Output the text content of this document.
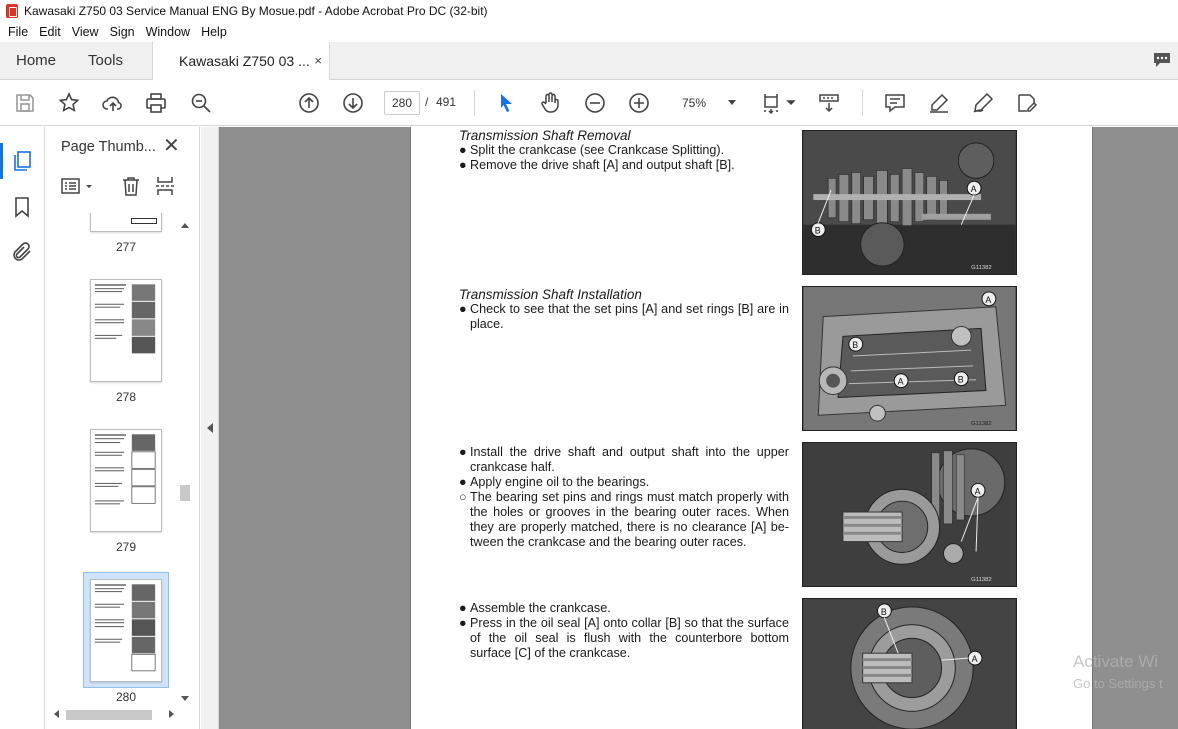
Kawasaki Z750 03 Service Manual ENG By Mosue.pdf - Adobe Acrobat Pro DC (32-bit)
File Edit View Sign Window Help
Home Tools	Kawasaki Z750 03 ... ×
280	/ 491	75%
Page Thumb... ✕
277
278
279
280
Transmission Shaft Removal
● Split the crankcase (see Crankcase Splitting).
● Remove the drive shaft [A] and output shaft [B].
Transmission Shaft Installation
● Check to see that the set pins [A] and set rings [B] are in place.
● Install the drive shaft and output shaft into the upper crankcase half.
● Apply engine oil to the bearings.
○ The bearing set pins and rings must match properly with the holes or grooves in the bearing outer races. When they are properly matched, there is no clearance [A] be-tween the crankcase and the bearing outer races.
● Assemble the crankcase.
● Press in the oil seal [A] onto collar [B] so that the surface of the oil seal is flush with the counterbore bottom surface [C] of the crankcase.
A
B
G11382
A
B
A	B
G11382
A
G11382
B
A	Activate Wi
Go to Settings t
